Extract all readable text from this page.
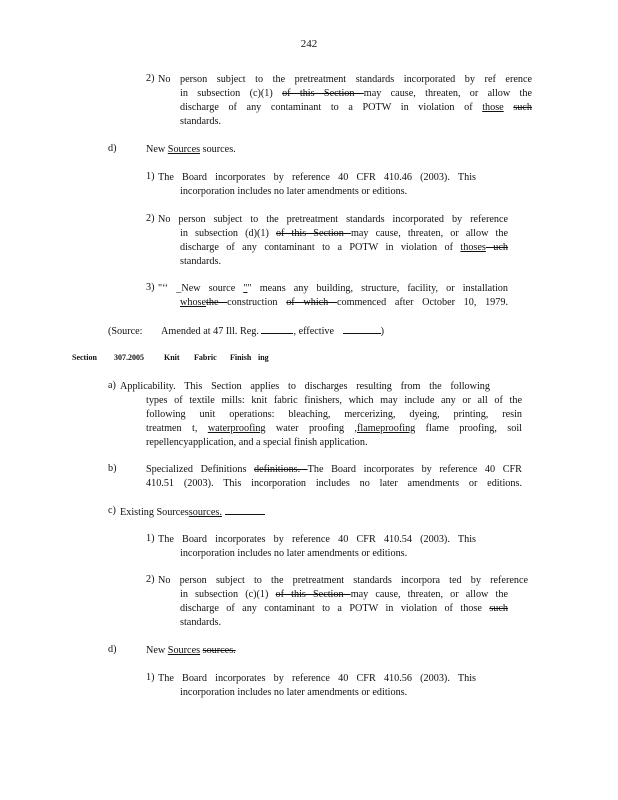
242
2) No person subject to the pretreatment standards incorporated by ref erence
in subsection (c)(1) of this Section may cause, threaten, or allow the
discharge of any contaminant to a POTW in violation of those such
standards.
d)	New Sources sources.
1) The Board incorporates by reference 40 CFR 410.46 (2003). This
incorporation includes no later amendments or editions.
2) No person subject to the pretreatment standards incorporated by reference
in subsection (d)(1) of this Section may cause, threaten, or allow the
discharge of any contaminant to a POTW in violation of thoses uch
standards.
3) "‘‘ _New source "" means any building, structure, facility, or installation
whosethe construction of which commenced after October 10, 1979.
(Source: Amended at 47 Ill. Reg.	, effective	)
Section 307.2005	Knit Fabric Finish ing
a) Applicability. This Section applies to discharges resulting from the following
types of textile mills: knit fabric finishers, which may include any or all of the
following unit operations: bleaching, mercerizing, dyeing, printing, resin
treatmen t, waterproofing water proofing ,flameproofing flame proofing, soil
repellencyapplication, and a special finish application.
b)	Specialized Definitions definitions. The Board incorporates by reference 40 CFR
410.51 (2003). This incorporation includes no later amendments or editions.
c) Existing Sourcessources.
1) The Board incorporates by reference 40 CFR 410.54 (2003). This
incorporation includes no later amendments or editions.
2) No person subject to the pretreatment standards incorpora ted by reference
in subsection (c)(1) of this Section may cause, threaten, or allow the
discharge of any contaminant to a POTW in violation of those such
standards.
d)	New Sources sources.
1) The Board incorporates by reference 40 CFR 410.56 (2003). This
incorporation includes no later amendments or editions.
